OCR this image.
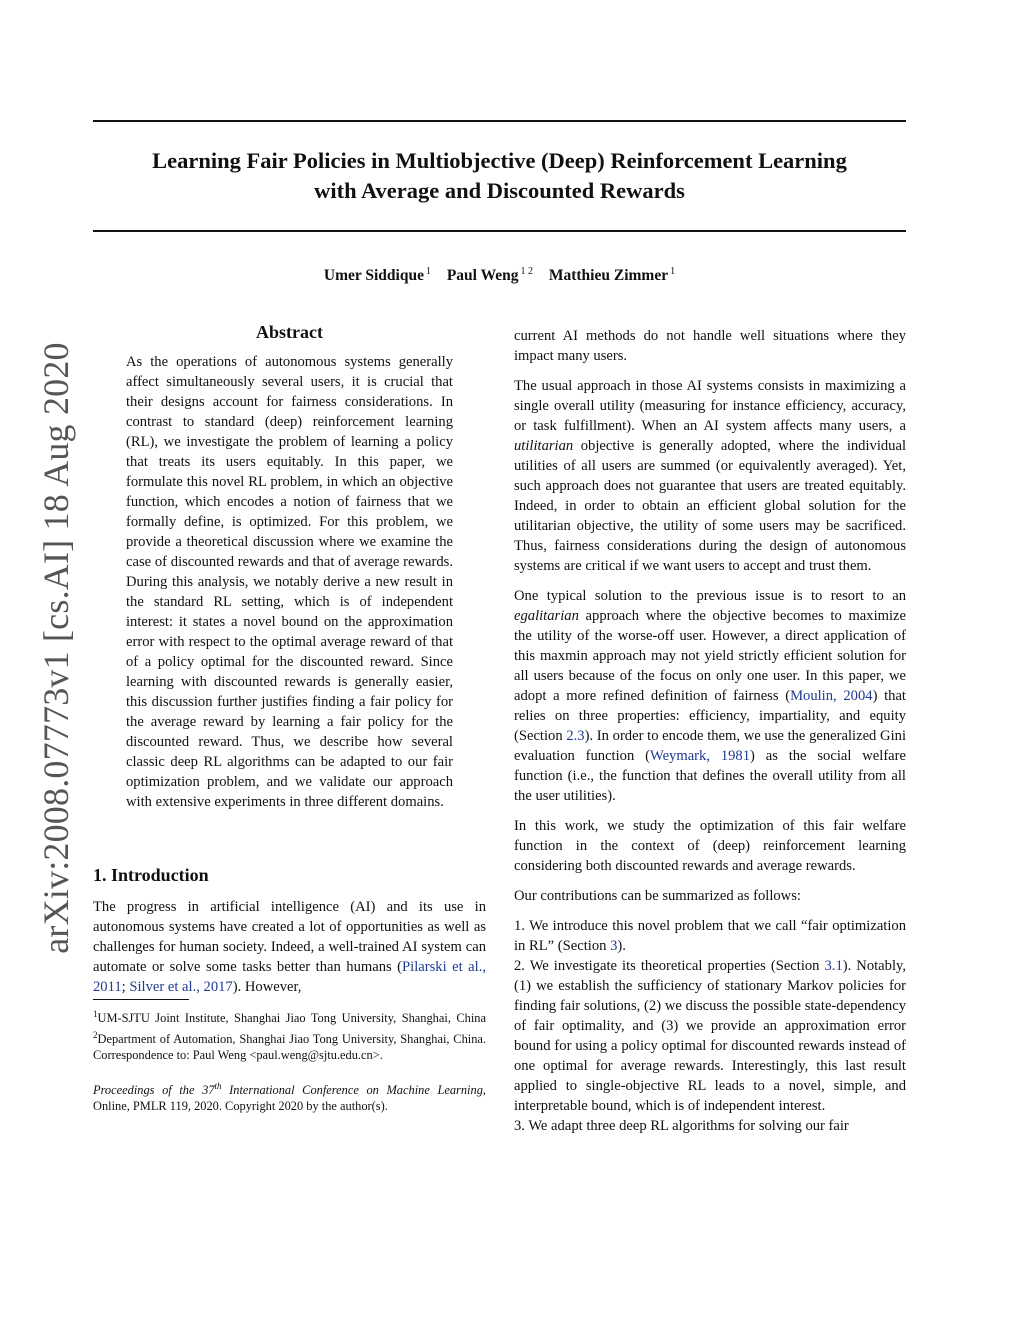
Learning Fair Policies in Multiobjective (Deep) Reinforcement Learning
with Average and Discounted Rewards
Umer Siddique $^1$ Paul Weng $^{1 2}$ Matthieu Zimmer $^1$
arXiv:2008.07773v1 [cs.AI] 18 Aug 2020
Abstract
As the operations of autonomous systems generally affect simultaneously several users, it is crucial that their designs account for fairness considerations. In contrast to standard (deep) reinforcement learning (RL), we investigate the problem of learning a policy that treats its users equitably. In this paper, we formulate this novel RL problem, in which an objective function, which encodes a notion of fairness that we formally define, is optimized. For this problem, we provide a theoretical discussion where we examine the case of discounted rewards and that of average rewards. During this analysis, we notably derive a new result in the standard RL setting, which is of independent interest: it states a novel bound on the approximation error with respect to the optimal average reward of that of a policy optimal for the discounted reward. Since learning with discounted rewards is generally easier, this discussion further justifies finding a fair policy for the average reward by learning a fair policy for the discounted reward. Thus, we describe how several classic deep RL algorithms can be adapted to our fair optimization problem, and we validate our approach with extensive experiments in three different domains.
1. Introduction
The progress in artificial intelligence (AI) and its use in autonomous systems have created a lot of opportunities as well as challenges for human society. Indeed, a well-trained AI system can automate or solve some tasks better than humans (Pilarski et al., 2011; Silver et al., 2017). However,
$^1$UM-SJTU Joint Institute, Shanghai Jiao Tong University, Shanghai, China $^2$Department of Automation, Shanghai Jiao Tong University, Shanghai, China. Correspondence to: Paul Weng <paul.weng@sjtu.edu.cn>.
Proceedings of the 37th International Conference on Machine Learning, Online, PMLR 119, 2020. Copyright 2020 by the author(s).
current AI methods do not handle well situations where they impact many users.
The usual approach in those AI systems consists in maximizing a single overall utility (measuring for instance efficiency, accuracy, or task fulfillment). When an AI system affects many users, a utilitarian objective is generally adopted, where the individual utilities of all users are summed (or equivalently averaged). Yet, such approach does not guarantee that users are treated equitably. Indeed, in order to obtain an efficient global solution for the utilitarian objective, the utility of some users may be sacrificed. Thus, fairness considerations during the design of autonomous systems are critical if we want users to accept and trust them.
One typical solution to the previous issue is to resort to an egalitarian approach where the objective becomes to maximize the utility of the worse-off user. However, a direct application of this maxmin approach may not yield strictly efficient solution for all users because of the focus on only one user. In this paper, we adopt a more refined definition of fairness (Moulin, 2004) that relies on three properties: efficiency, impartiality, and equity (Section 2.3). In order to encode them, we use the generalized Gini evaluation function (Weymark, 1981) as the social welfare function (i.e., the function that defines the overall utility from all the user utilities).
In this work, we study the optimization of this fair welfare function in the context of (deep) reinforcement learning considering both discounted rewards and average rewards.
Our contributions can be summarized as follows:
1. We introduce this novel problem that we call “fair optimization in RL” (Section 3).
2. We investigate its theoretical properties (Section 3.1). Notably, (1) we establish the sufficiency of stationary Markov policies for finding fair solutions, (2) we discuss the possible state-dependency of fair optimality, and (3) we provide an approximation error bound for using a policy optimal for discounted rewards instead of one optimal for average rewards. Interestingly, this last result applied to single-objective RL leads to a novel, simple, and interpretable bound, which is of independent interest.
3. We adapt three deep RL algorithms for solving our fair
